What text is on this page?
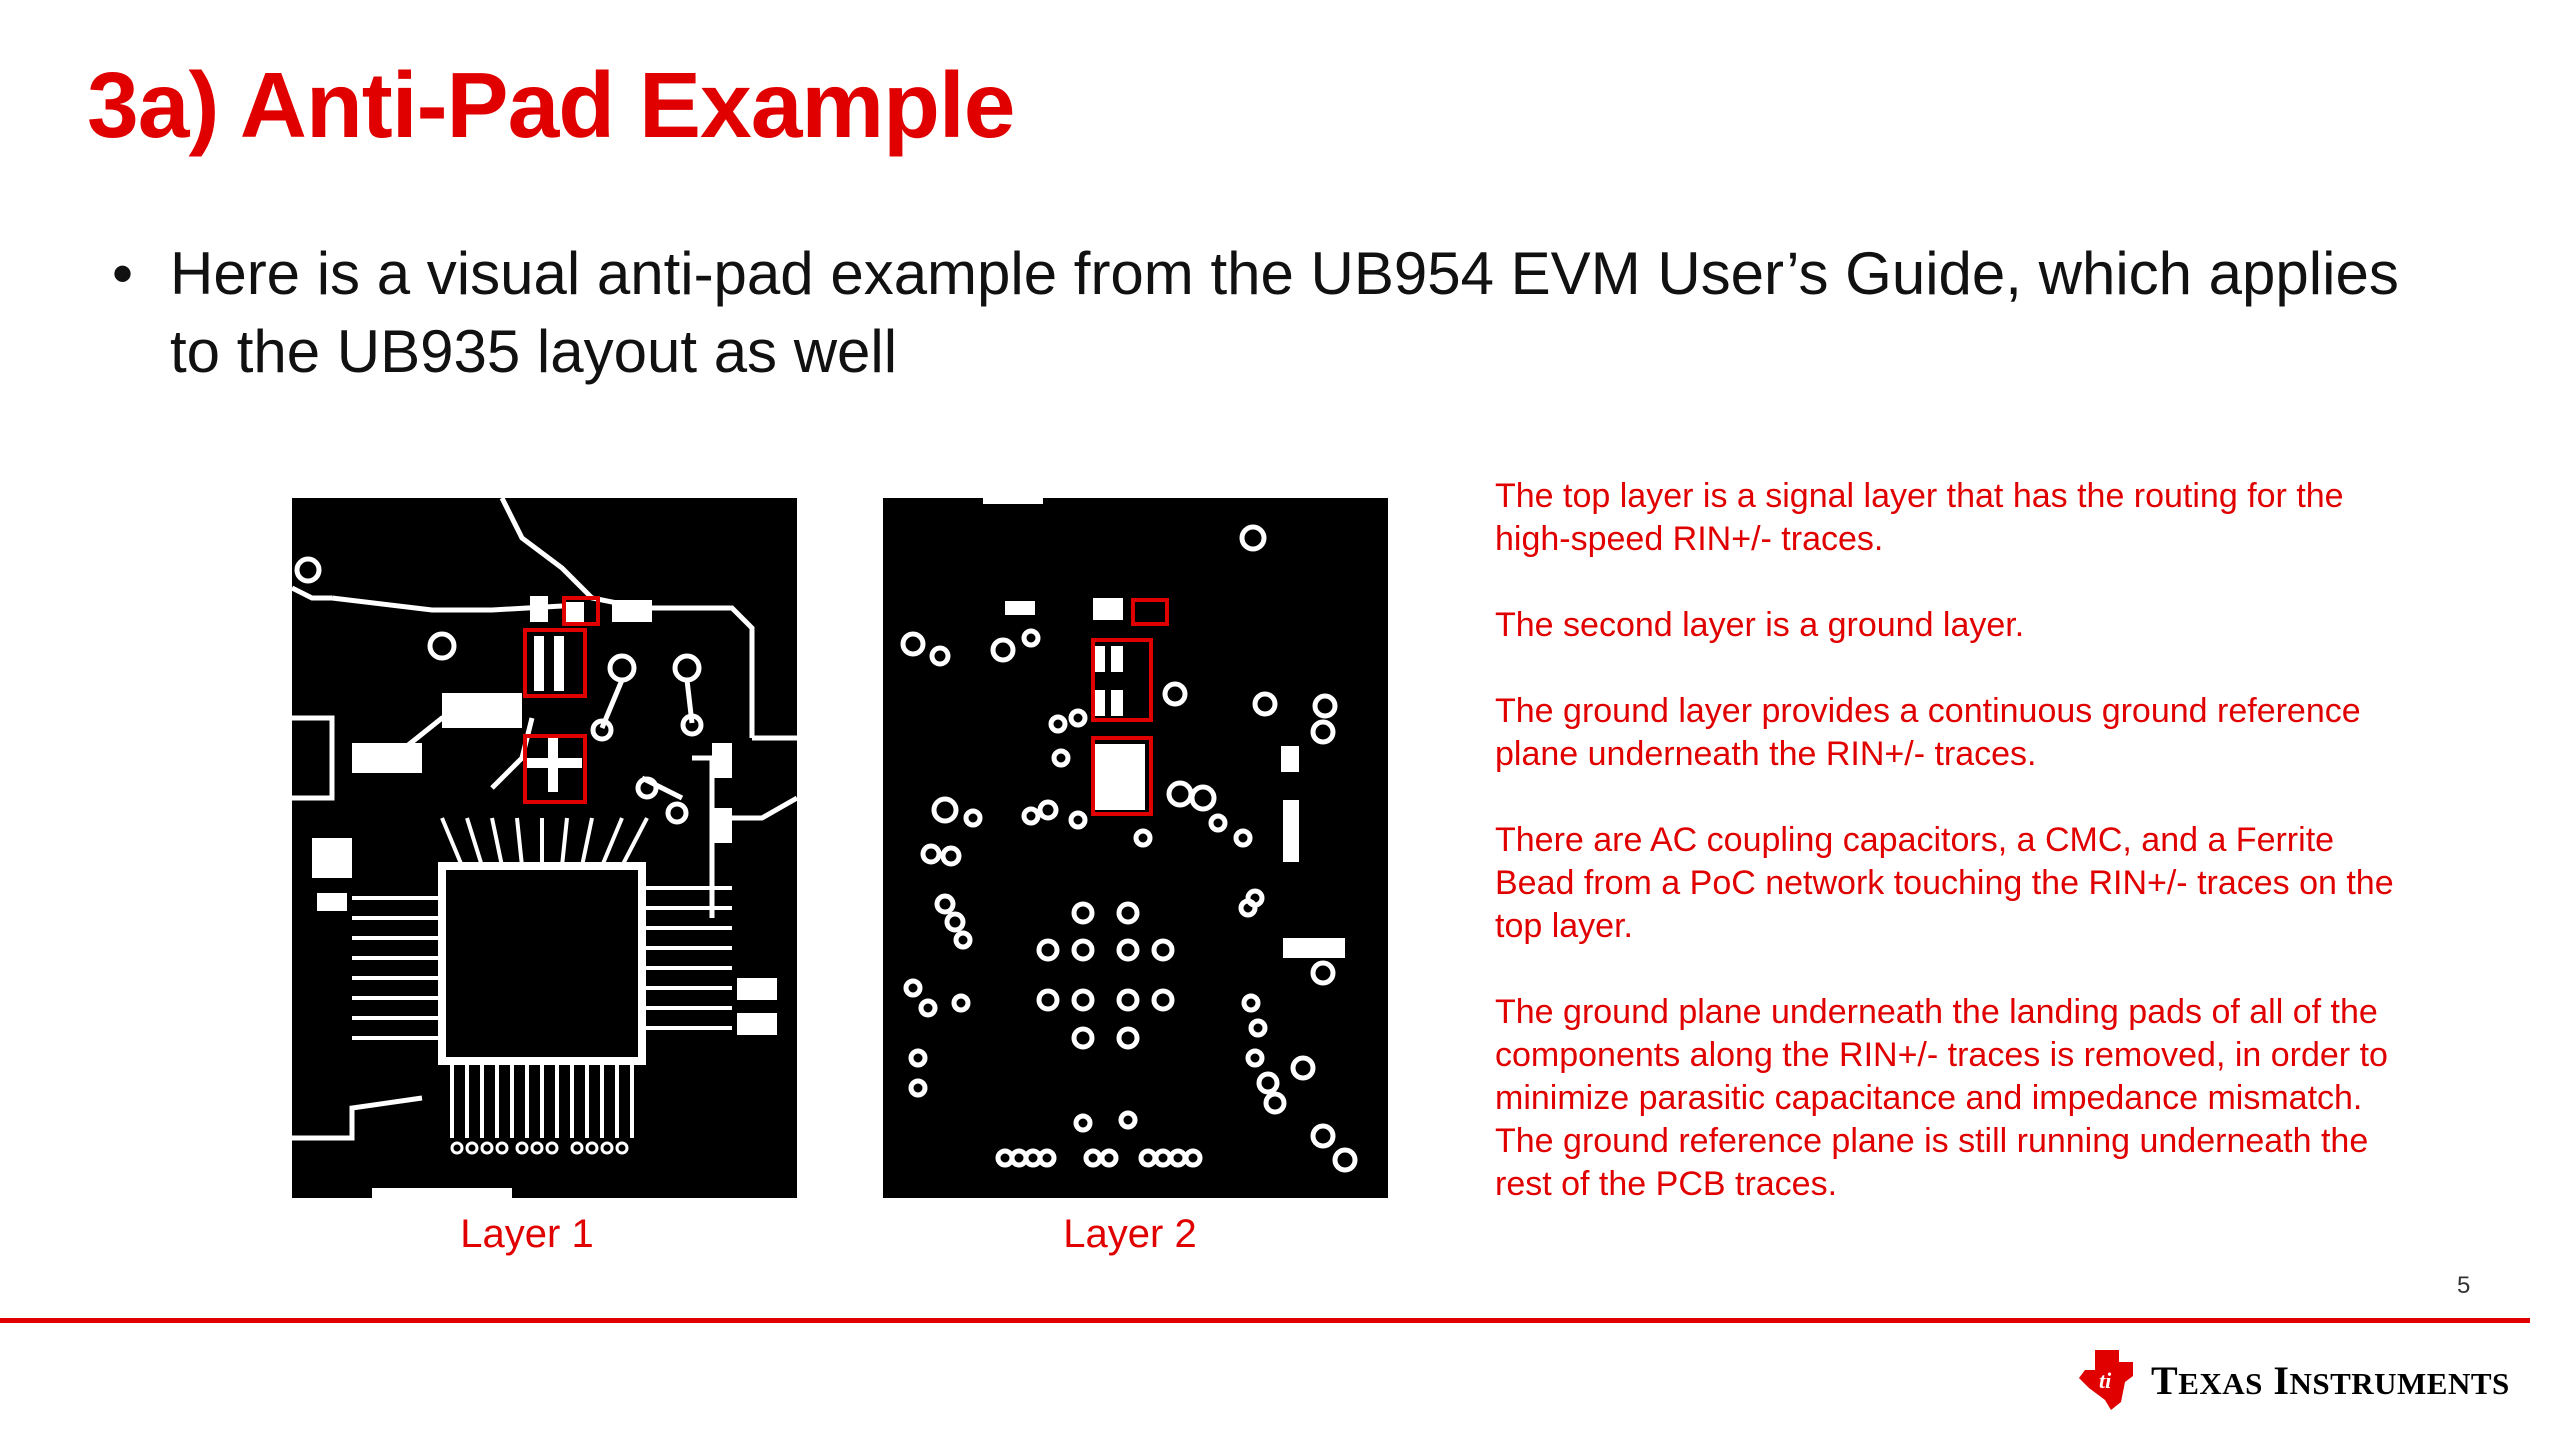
3a) Anti-Pad Example
• Here is a visual anti-pad example from the UB954 EVM User’s Guide, which applies to the UB935 layout as well
Layer 1	Layer 2

The top layer is a signal layer that has the routing for the high-speed RIN+/- traces.

The second layer is a ground layer.

The ground layer provides a continuous ground reference plane underneath the RIN+/- traces.

There are AC coupling capacitors, a CMC, and a Ferrite Bead from a PoC network touching the RIN+/- traces on the top layer.

The ground plane underneath the landing pads of all of the components along the RIN+/- traces is removed, in order to minimize parasitic capacitance and impedance mismatch. The ground reference plane is still running underneath the rest of the PCB traces.

5
ti TEXAS INSTRUMENTS
